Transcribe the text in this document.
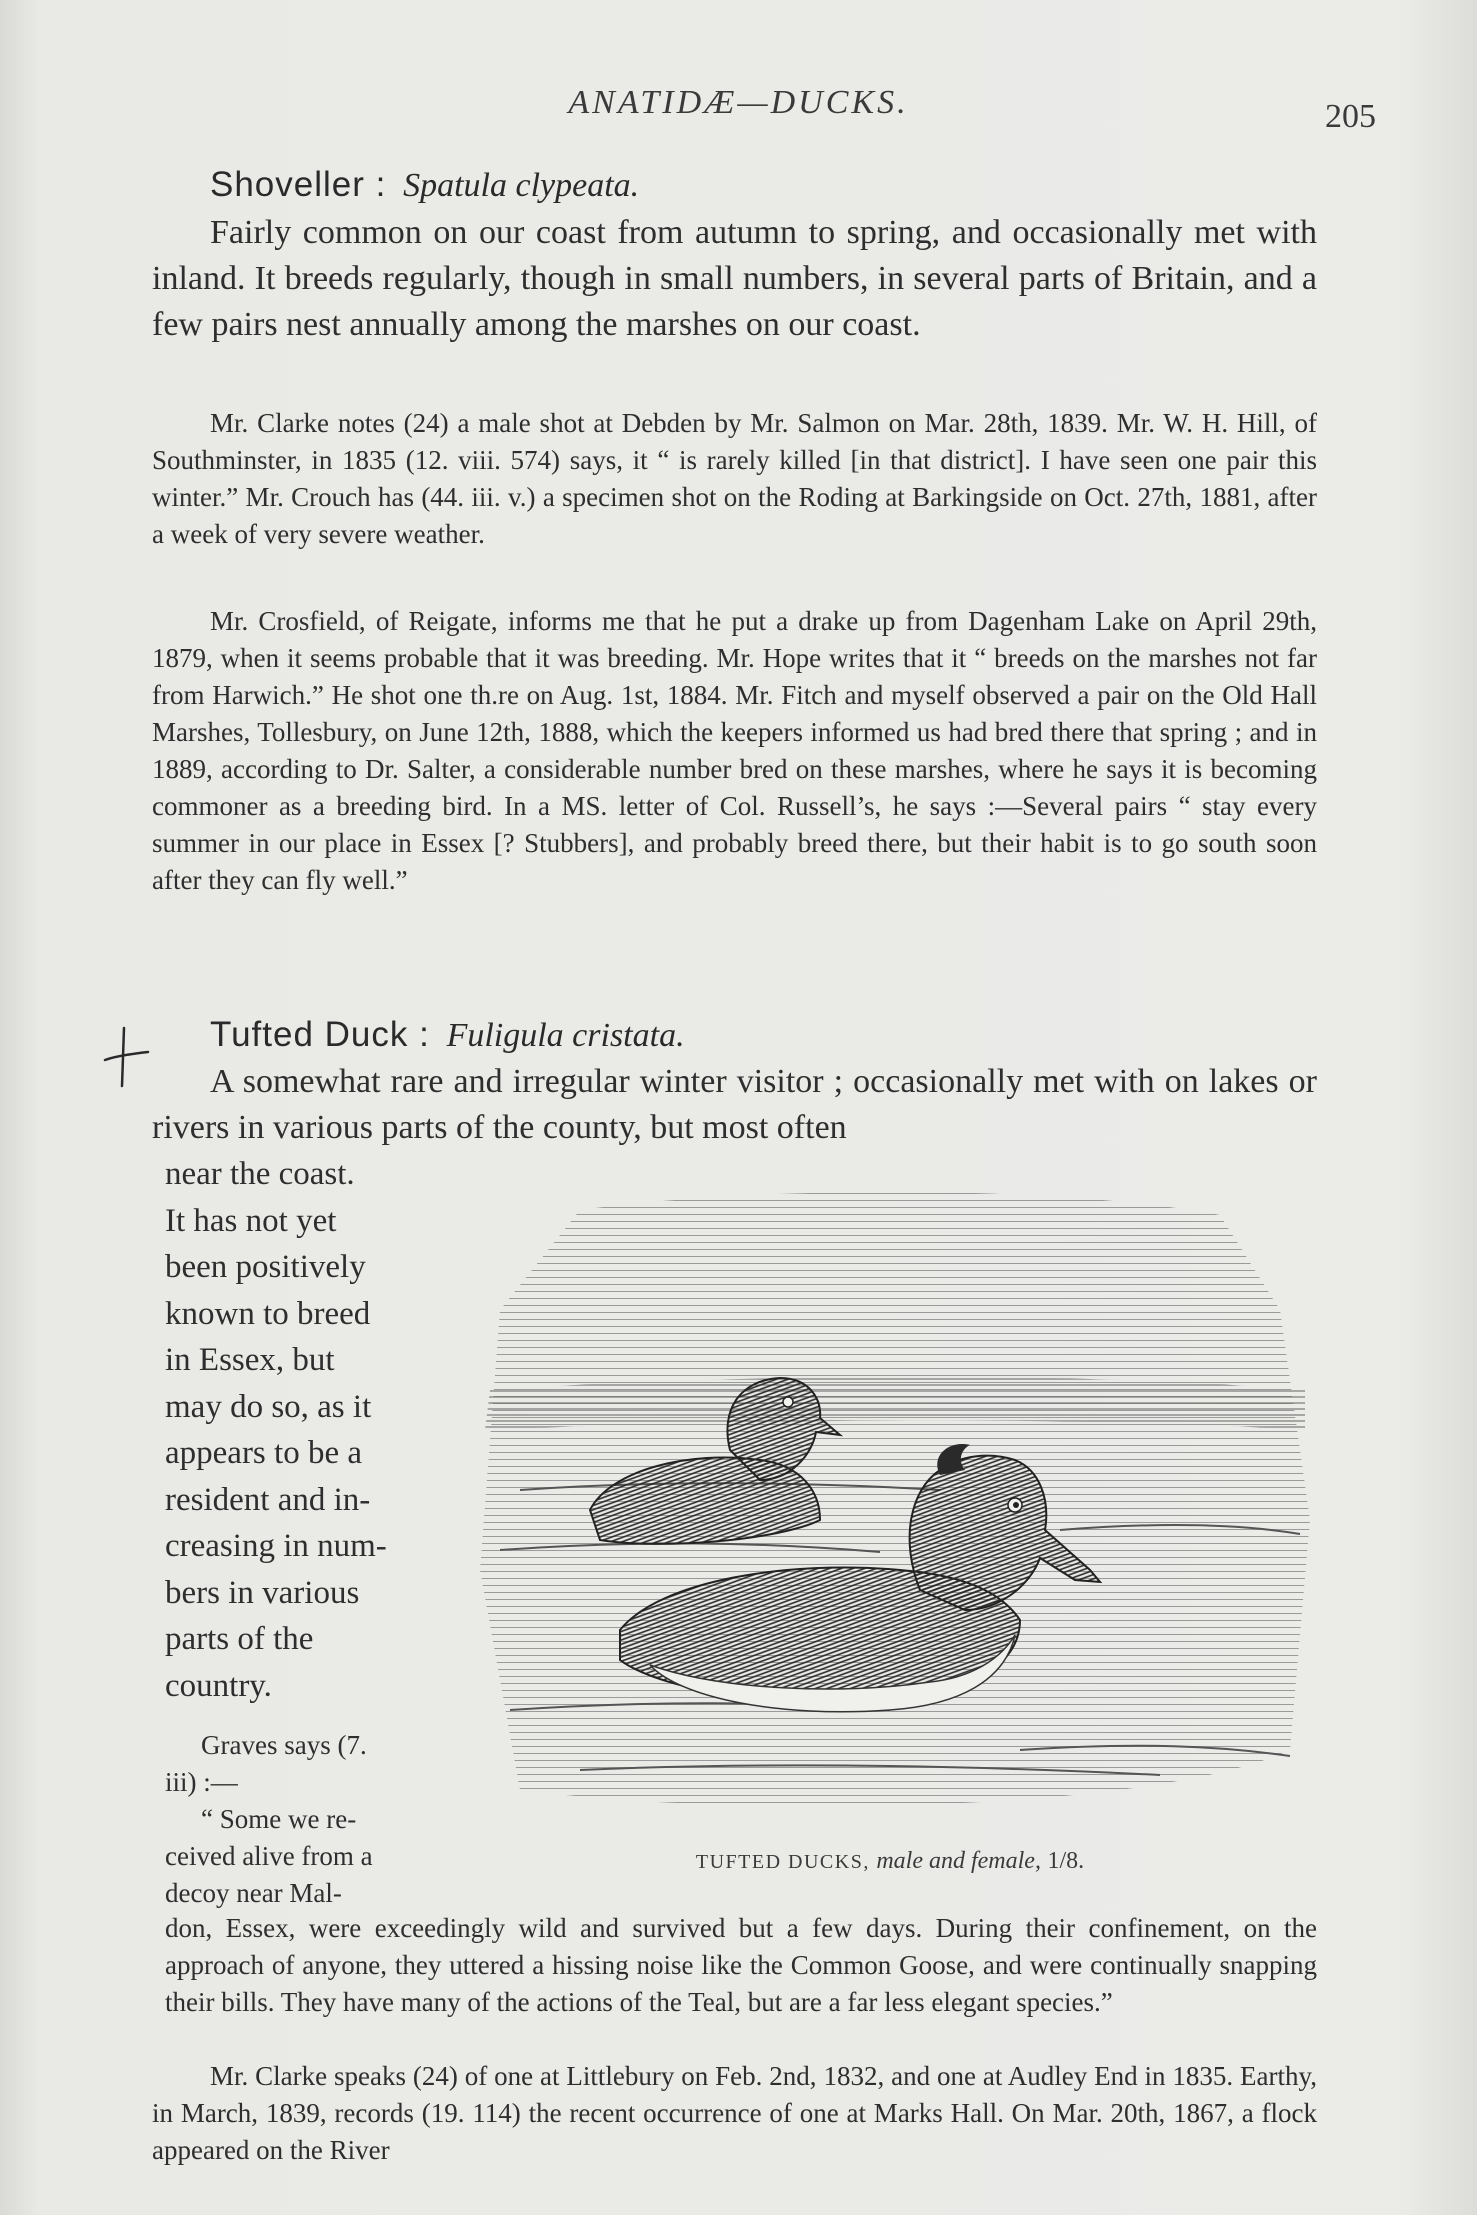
ANATIDÆ—DUCKS.	205
Shoveller : Spatula clypeata.

Fairly common on our coast from autumn to spring, and occasionally met with inland. It breeds regularly, though in small numbers, in several parts of Britain, and a few pairs nest annually among the marshes on our coast.

Mr. Clarke notes (24) a male shot at Debden by Mr. Salmon on Mar. 28th, 1839. Mr. W. H. Hill, of Southminster, in 1835 (12. viii. 574) says, it “ is rarely killed [in that district]. I have seen one pair this winter.” Mr. Crouch has (44. iii. v.) a specimen shot on the Roding at Barkingside on Oct. 27th, 1881, after a week of very severe weather.

Mr. Crosfield, of Reigate, informs me that he put a drake up from Dagenham Lake on April 29th, 1879, when it seems probable that it was breeding. Mr. Hope writes that it “ breeds on the marshes not far from Harwich.” He shot one th.re on Aug. 1st, 1884. Mr. Fitch and myself observed a pair on the Old Hall Marshes, Tollesbury, on June 12th, 1888, which the keepers informed us had bred there that spring ; and in 1889, according to Dr. Salter, a considerable number bred on these marshes, where he says it is becoming commoner as a breeding bird. In a MS. letter of Col. Russell’s, he says :—Several pairs “ stay every summer in our place in Essex [? Stubbers], and probably breed there, but their habit is to go south soon after they can fly well.”

Tufted Duck : Fuligula cristata.

A somewhat rare and irregular winter visitor ; occasionally met with on lakes or rivers in various parts of the county, but most often

near the coast.
It has not yet
been positively
known to breed
in Essex, but
may do so, as it
appears to be a
resident and in-
creasing in num-
bers in various
parts of the
country.
Graves says (7.
iii) :—
“ Some we re-
ceived alive from a
decoy near Mal-
TUFTED DUCKS, male and female, 1/8.

don, Essex, were exceedingly wild and survived but a few days. During their confinement, on the approach of anyone, they uttered a hissing noise like the Common Goose, and were continually snapping their bills. They have many of the actions of the Teal, but are a far less elegant species.”

Mr. Clarke speaks (24) of one at Littlebury on Feb. 2nd, 1832, and one at Audley End in 1835. Earthy, in March, 1839, records (19. 114) the recent occurrence of one at Marks Hall. On Mar. 20th, 1867, a flock appeared on the River
